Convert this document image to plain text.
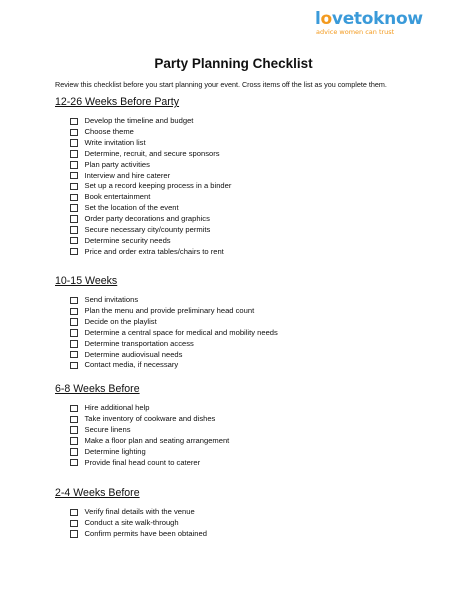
lovetoknow
advice women can trust
Party Planning Checklist
Review this checklist before you start planning your event. Cross items off the list as you complete them.
12-26 Weeks Before Party
Develop the timeline and budget
Choose theme
Write invitation list
Determine, recruit, and secure sponsors
Plan party activities
Interview and hire caterer
Set up a record keeping process in a binder
Book entertainment
Set the location of the event
Order party decorations and graphics
Secure necessary city/county permits
Determine security needs
Price and order extra tables/chairs to rent
10-15 Weeks
Send invitations
Plan the menu and provide preliminary head count
Decide on the playlist
Determine a central space for medical and mobility needs
Determine transportation access
Determine audiovisual needs
Contact media, if necessary
6-8 Weeks Before
Hire additional help
Take inventory of cookware and dishes
Secure linens
Make a floor plan and seating arrangement
Determine lighting
Provide final head count to caterer
2-4 Weeks Before
Verify final details with the venue
Conduct a site walk-through
Confirm permits have been obtained
